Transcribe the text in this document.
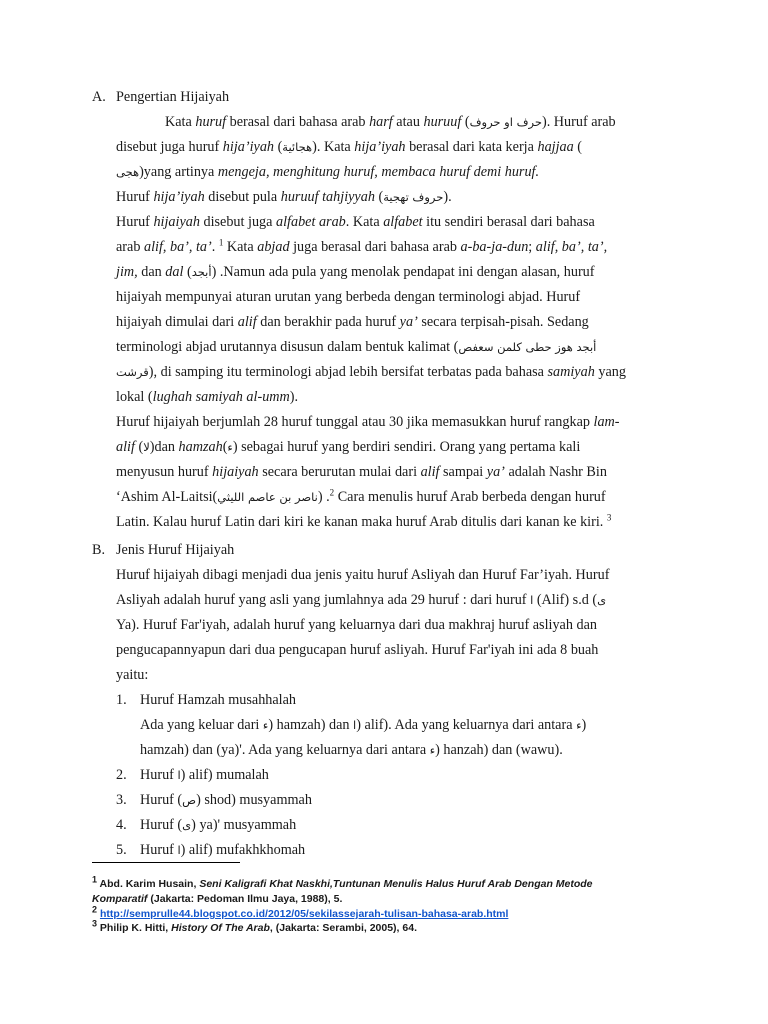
A. Pengertian Hijaiyah
Kata huruf berasal dari bahasa arab harf atau huruuf (حرف او حروف). Huruf arab
disebut juga huruf hija’iyah (هجائية). Kata hija’iyah berasal dari kata kerja hajjaa (
هجى)yang artinya mengeja, menghitung huruf, membaca huruf demi huruf.
Huruf hija’iyah disebut pula huruuf tahjiyyah (حروف تهجية).
Huruf hijaiyah disebut juga alfabet arab. Kata alfabet itu sendiri berasal dari bahasa
arab alif, ba’, ta’. $^1$ Kata abjad juga berasal dari bahasa arab a-ba-ja-dun; alif, ba’, ta’,
jim, dan dal (أبجد) .Namun ada pula yang menolak pendapat ini dengan alasan, huruf
hijaiyah mempunyai aturan urutan yang berbeda dengan terminologi abjad. Huruf
hijaiyah dimulai dari alif dan berakhir pada huruf ya’ secara terpisah-pisah. Sedang
terminologi abjad urutannya disusun dalam bentuk kalimat (أبجد هوز حطى كلمن سعفص
قرشت), di samping itu terminologi abjad lebih bersifat terbatas pada bahasa samiyah yang
lokal (lughah samiyah al-umm).
Huruf hijaiyah berjumlah 28 huruf tunggal atau 30 jika memasukkan huruf rangkap lam-
alif (لا)dan hamzah(ء) sebagai huruf yang berdiri sendiri. Orang yang pertama kali
menyusun huruf hijaiyah secara berurutan mulai dari alif sampai ya’ adalah Nashr Bin
‘Ashim Al-Laitsi(ناصر بن عاصم الليثي) .$^2$ Cara menulis huruf Arab berbeda dengan huruf
Latin. Kalau huruf Latin dari kiri ke kanan maka huruf Arab ditulis dari kanan ke kiri. $^3$
B. Jenis Huruf Hijaiyah
Huruf hijaiyah dibagi menjadi dua jenis yaitu huruf Asliyah dan Huruf Far’iyah. Huruf
Asliyah adalah huruf yang asli yang jumlahnya ada 29 huruf : dari huruf ا (Alif) s.d (ى
Ya). Huruf Far'iyah, adalah huruf yang keluarnya dari dua makhraj huruf asliyah dan
pengucapannyapun dari dua pengucapan huruf asliyah. Huruf Far'iyah ini ada 8 buah
yaitu:
1. Huruf Hamzah musahhalah
Ada yang keluar dari ء) hamzah) dan ا) alif). Ada yang keluarnya dari antara ء)
hamzah) dan (ya)'. Ada yang keluarnya dari antara ء) hanzah) dan (wawu).
2. Huruf ا) alif) mumalah
3. Huruf (ص) shod) musyammah
4. Huruf (ى) ya)' musyammah
5. Huruf ا) alif) mufakhkhomah
$^1$ Abd. Karim Husain, Seni Kaligrafi Khat Naskhi,Tuntunan Menulis Halus Huruf Arab Dengan Metode
Komparatif (Jakarta: Pedoman Ilmu Jaya, 1988), 5.
$^2$ http://semprulle44.blogspot.co.id/2012/05/sekilassejarah-tulisan-bahasa-arab.html
$^3$ Philip K. Hitti, History Of The Arab, (Jakarta: Serambi, 2005), 64.
